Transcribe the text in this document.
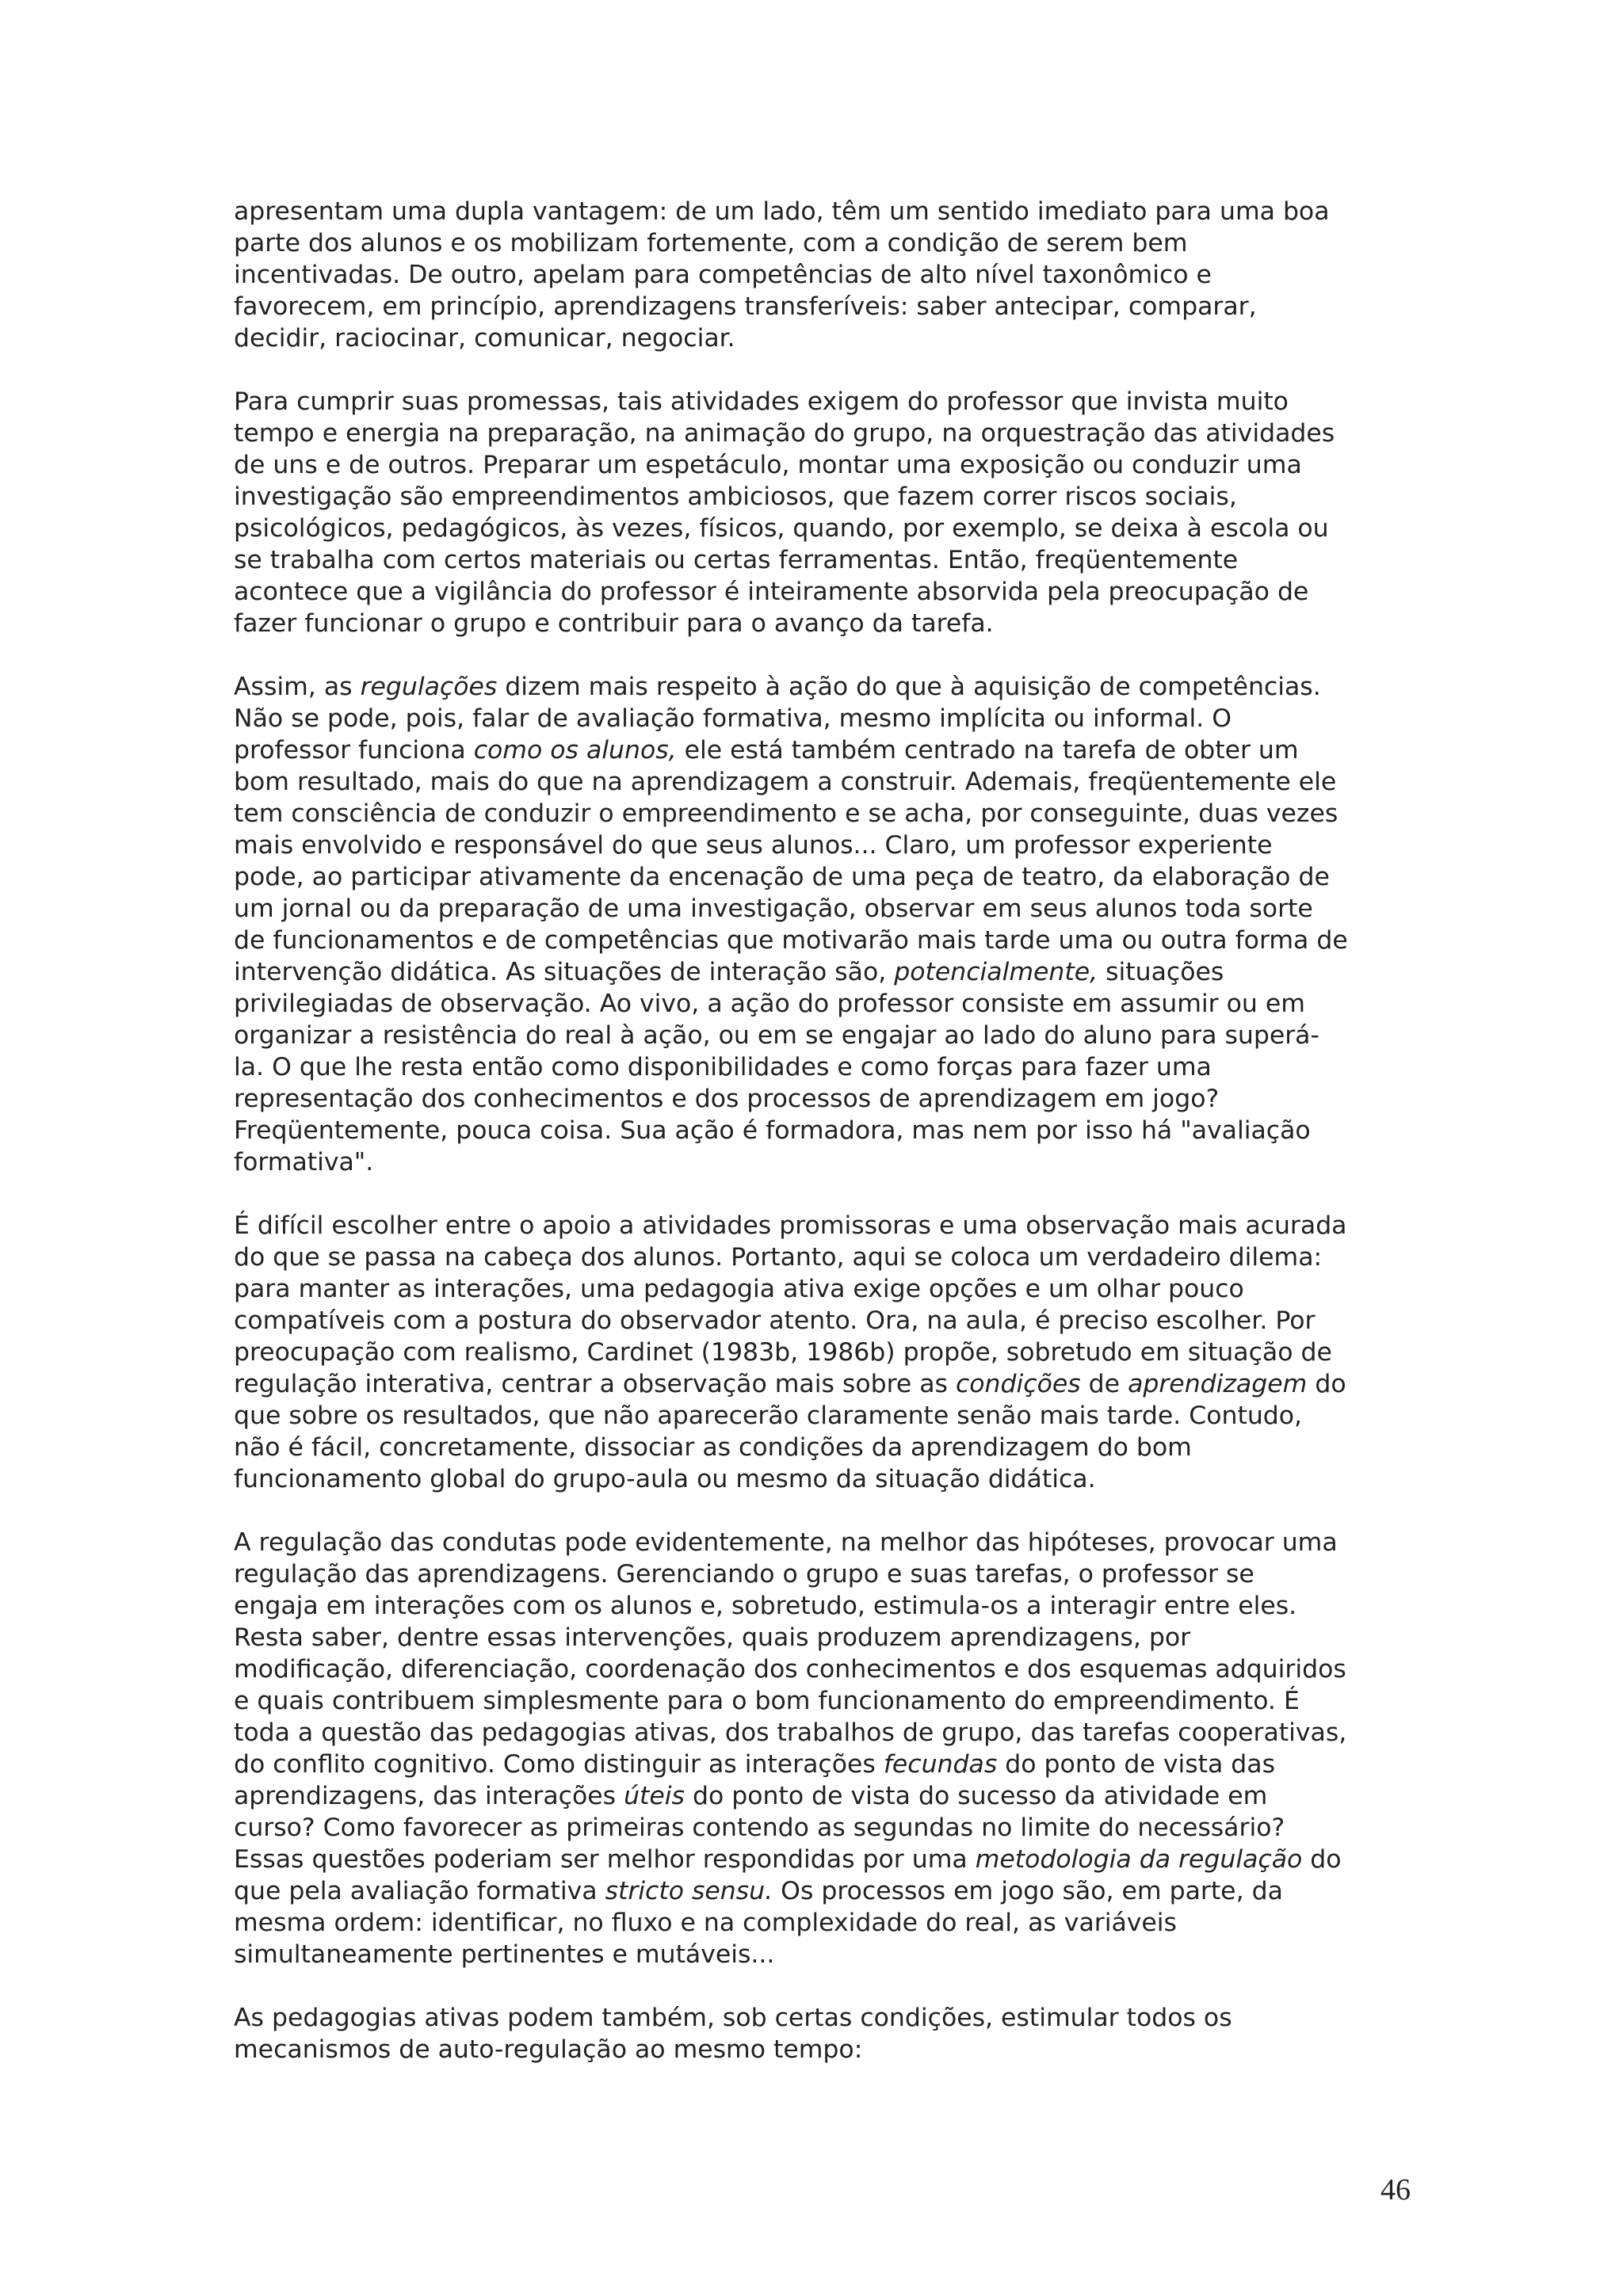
apresentam uma dupla vantagem: de um lado, têm um sentido imediato para uma boa
parte dos alunos e os mobilizam fortemente, com a condição de serem bem
incentivadas. De outro, apelam para competências de alto nível taxonômico e
favorecem, em princípio, aprendizagens transferíveis: saber antecipar, comparar,
decidir, raciocinar, comunicar, negociar.

Para cumprir suas promessas, tais atividades exigem do professor que invista muito
tempo e energia na preparação, na animação do grupo, na orquestração das atividades
de uns e de outros. Preparar um espetáculo, montar uma exposição ou conduzir uma
investigação são empreendimentos ambiciosos, que fazem correr riscos sociais,
psicológicos, pedagógicos, às vezes, físicos, quando, por exemplo, se deixa à escola ou
se trabalha com certos materiais ou certas ferramentas. Então, freqüentemente
acontece que a vigilância do professor é inteiramente absorvida pela preocupação de
fazer funcionar o grupo e contribuir para o avanço da tarefa.

Assim, as regulações dizem mais respeito à ação do que à aquisição de competências.
Não se pode, pois, falar de avaliação formativa, mesmo implícita ou informal. O
professor funciona como os alunos, ele está também centrado na tarefa de obter um
bom resultado, mais do que na aprendizagem a construir. Ademais, freqüentemente ele
tem consciência de conduzir o empreendimento e se acha, por conseguinte, duas vezes
mais envolvido e responsável do que seus alunos... Claro, um professor experiente
pode, ao participar ativamente da encenação de uma peça de teatro, da elaboração de
um jornal ou da preparação de uma investigação, observar em seus alunos toda sorte
de funcionamentos e de competências que motivarão mais tarde uma ou outra forma de
intervenção didática. As situações de interação são, potencialmente, situações
privilegiadas de observação. Ao vivo, a ação do professor consiste em assumir ou em
organizar a resistência do real à ação, ou em se engajar ao lado do aluno para superá-
la. O que lhe resta então como disponibilidades e como forças para fazer uma
representação dos conhecimentos e dos processos de aprendizagem em jogo?
Freqüentemente, pouca coisa. Sua ação é formadora, mas nem por isso há "avaliação
formativa".

É difícil escolher entre o apoio a atividades promissoras e uma observação mais acurada
do que se passa na cabeça dos alunos. Portanto, aqui se coloca um verdadeiro dilema:
para manter as interações, uma pedagogia ativa exige opções e um olhar pouco
compatíveis com a postura do observador atento. Ora, na aula, é preciso escolher. Por
preocupação com realismo, Cardinet (1983b, 1986b) propõe, sobretudo em situação de
regulação interativa, centrar a observação mais sobre as condições de aprendizagem do
que sobre os resultados, que não aparecerão claramente senão mais tarde. Contudo,
não é fácil, concretamente, dissociar as condições da aprendizagem do bom
funcionamento global do grupo-aula ou mesmo da situação didática.

A regulação das condutas pode evidentemente, na melhor das hipóteses, provocar uma
regulação das aprendizagens. Gerenciando o grupo e suas tarefas, o professor se
engaja em interações com os alunos e, sobretudo, estimula-os a interagir entre eles.
Resta saber, dentre essas intervenções, quais produzem aprendizagens, por
modificação, diferenciação, coordenação dos conhecimentos e dos esquemas adquiridos
e quais contribuem simplesmente para o bom funcionamento do empreendimento. É
toda a questão das pedagogias ativas, dos trabalhos de grupo, das tarefas cooperativas,
do conflito cognitivo. Como distinguir as interações fecundas do ponto de vista das
aprendizagens, das interações úteis do ponto de vista do sucesso da atividade em
curso? Como favorecer as primeiras contendo as segundas no limite do necessário?
Essas questões poderiam ser melhor respondidas por uma metodologia da regulação do
que pela avaliação formativa stricto sensu. Os processos em jogo são, em parte, da
mesma ordem: identificar, no fluxo e na complexidade do real, as variáveis
simultaneamente pertinentes e mutáveis...

As pedagogias ativas podem também, sob certas condições, estimular todos os
mecanismos de auto-regulação ao mesmo tempo:

46
